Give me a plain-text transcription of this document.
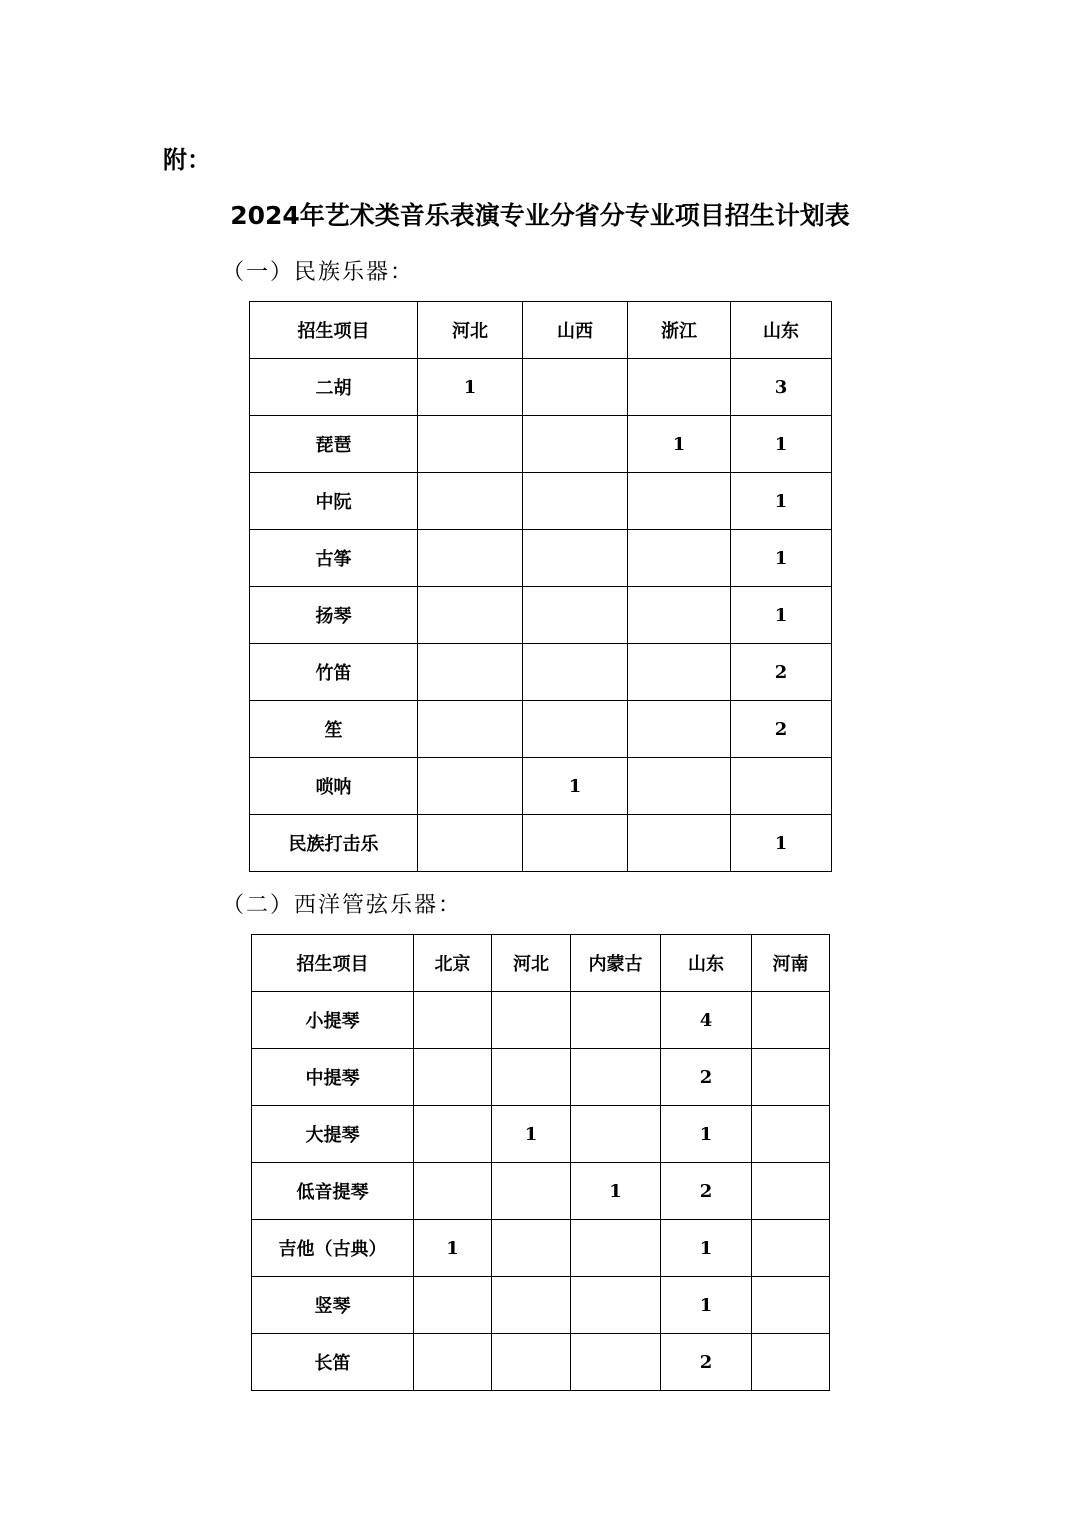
附：
2024年艺术类音乐表演专业分省分专业项目招生计划表
（一）民族乐器：
招生项目	河北	山西	浙江	山东
二胡	1			3
琵琶			1	1
中阮				1
古筝				1
扬琴				1
竹笛				2
笙				2
唢呐		1		
民族打击乐				1
（二）西洋管弦乐器：
招生项目	北京	河北	内蒙古	山东	河南
小提琴				4	
中提琴				2	
大提琴		1		1	
低音提琴			1	2	
吉他（古典）	1			1	
竖琴				1	
长笛				2	
